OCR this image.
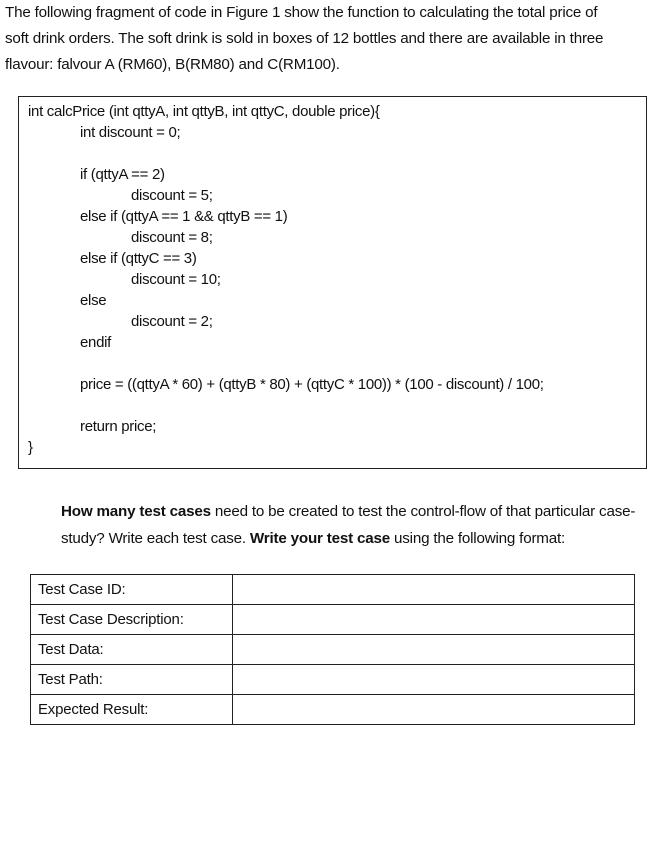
The following fragment of code in Figure 1 show the function to calculating the total price of

soft drink orders. The soft drink is sold in boxes of 12 bottles and there are available in three

flavour: falvour A (RM60), B(RM80) and C(RM100).

int calcPrice (int qttyA, int qttyB, int qttyC, double price){
int discount = 0;
if (qttyA == 2)
discount = 5;
else if (qttyA == 1 && qttyB == 1)
discount = 8;
else if (qttyC == 3)
discount = 10;
else
discount = 2;
endif
price = ((qttyA * 60) + (qttyB * 80) + (qttyC * 100)) * (100 - discount) / 100;
return price;
}
How many test cases need to be created to test the control-flow of that particular case-study? Write each test case. Write your test case using the following format:
Test Case ID:	
Test Case Description:	
Test Data:	
Test Path:	
Expected Result:	
